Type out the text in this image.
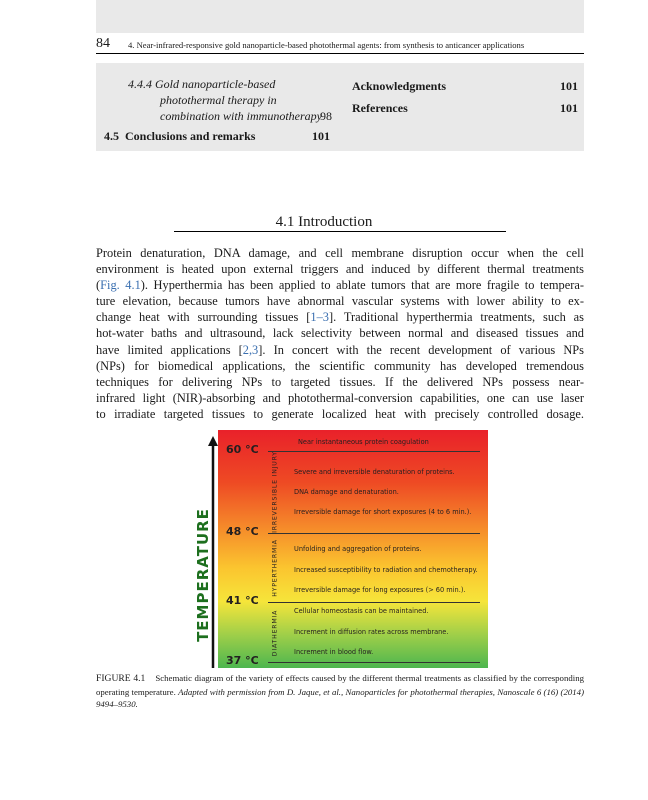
84 4. Near-infrared-responsive gold nanoparticle-based photothermal agents: from synthesis to anticancer applications
4.4.4 Gold nanoparticle-based
photothermal therapy in
combination with immunotherapy
98
4.5 Conclusions and remarks	101
Acknowledgments	101
References	101
4.1 Introduction
Protein denaturation, DNA damage, and cell membrane disruption occur when the cell
environment is heated upon external triggers and induced by different thermal treatments
(Fig. 4.1). Hyperthermia has been applied to ablate tumors that are more fragile to tempera-
ture elevation, because tumors have abnormal vascular systems with lower ability to ex-
change heat with surrounding tissues [1–3]. Traditional hyperthermia treatments, such as
hot-water baths and ultrasound, lack selectivity between normal and diseased tissues and
have limited applications [2,3]. In concert with the recent development of various NPs
(NPs) for biomedical applications, the scientific community has developed tremendous
techniques for delivering NPs to targeted tissues. If the delivered NPs possess near-
infrared light (NIR)-absorbing and photothermal-conversion capabilities, one can use laser
to irradiate targeted tissues to generate localized heat with precisely controlled dosage.
TEMPERATURE
60 °C
48 °C
41 °C
37 °C
IRREVERSIBLE INJURY
HYPERTHERMIA
DIATHERMIA
Near instantaneous protein coagulation
Severe and irreversible denaturation of proteins.
DNA damage and denaturation.
Irreversible damage for short exposures (4 to 6 min.).
Unfolding and aggregation of proteins.
Increased susceptibility to radiation and chemotherapy.
Irreversible damage for long exposures (> 60 min.).
Cellular homeostasis can be maintained.
Increment in diffusion rates across membrane.
Increment in blood flow.
FIGURE 4.1 Schematic diagram of the variety of effects caused by the different thermal treatments as classified by the corresponding operating temperature. Adapted with permission from D. Jaque, et al., Nanoparticles for photothermal therapies, Nanoscale 6 (16) (2014) 9494–9530.
